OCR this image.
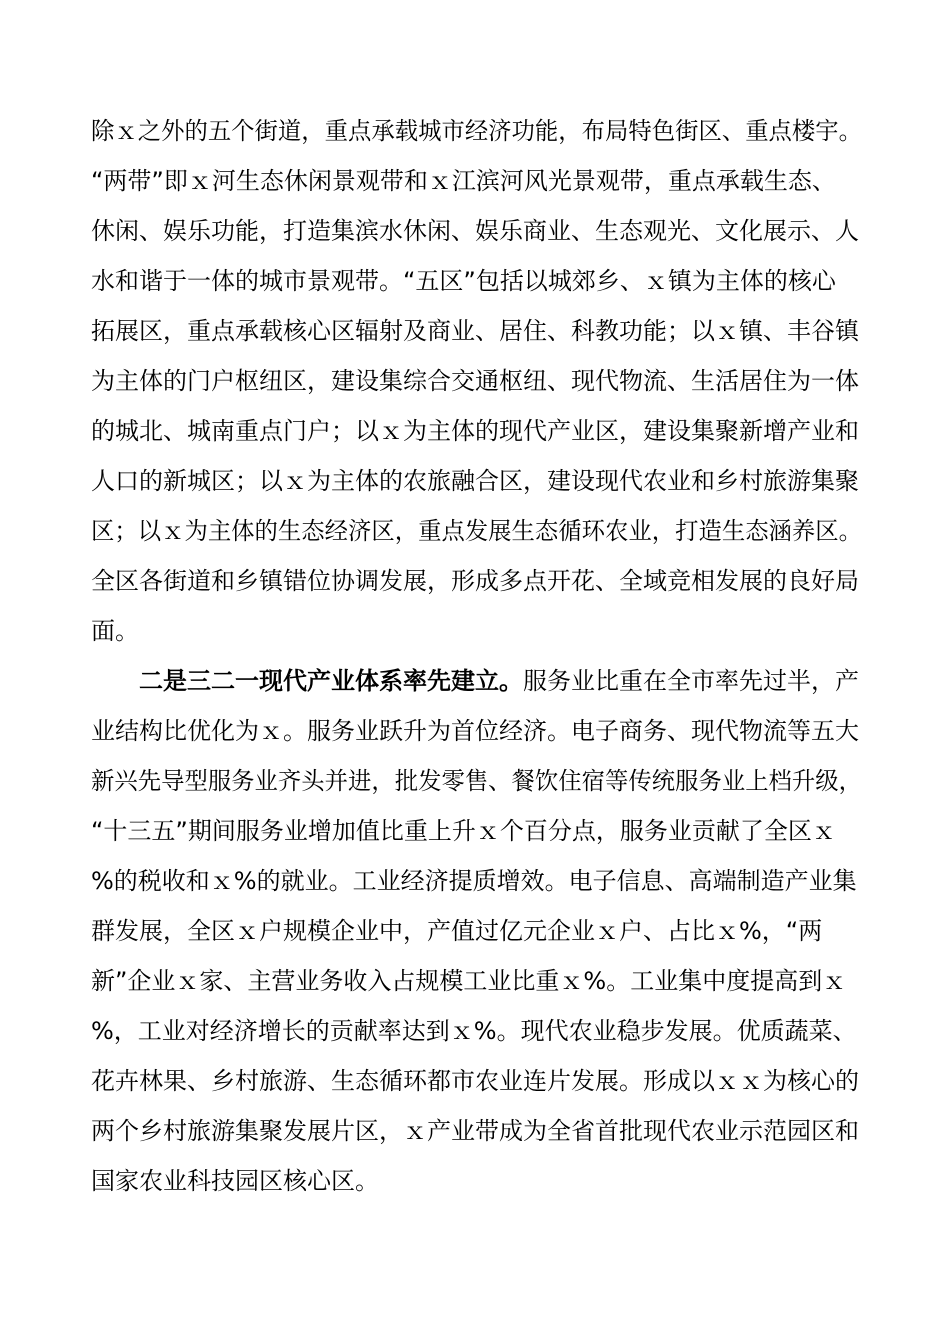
除ｘ之外的五个街道，重点承载城市经济功能，布局特色街区、重点楼宇。
“两带”即ｘ河生态休闲景观带和ｘ江滨河风光景观带，重点承载生态、
休闲、娱乐功能，打造集滨水休闲、娱乐商业、生态观光、文化展示、人
水和谐于一体的城市景观带。“五区”包括以城郊乡、ｘ镇为主体的核心
拓展区，重点承载核心区辐射及商业、居住、科教功能；以ｘ镇、丰谷镇
为主体的门户枢纽区，建设集综合交通枢纽、现代物流、生活居住为一体
的城北、城南重点门户；以ｘ为主体的现代产业区，建设集聚新增产业和
人口的新城区；以ｘ为主体的农旅融合区，建设现代农业和乡村旅游集聚
区；以ｘ为主体的生态经济区，重点发展生态循环农业，打造生态涵养区。
全区各街道和乡镇错位协调发展，形成多点开花、全域竞相发展的良好局
面。
二是三二一现代产业体系率先建立。服务业比重在全市率先过半，产
业结构比优化为ｘ。服务业跃升为首位经济。电子商务、现代物流等五大
新兴先导型服务业齐头并进，批发零售、餐饮住宿等传统服务业上档升级，
“十三五”期间服务业增加值比重上升ｘ个百分点，服务业贡献了全区ｘ
%的税收和ｘ%的就业。工业经济提质增效。电子信息、高端制造产业集
群发展，全区ｘ户规模企业中，产值过亿元企业ｘ户、占比ｘ%，“两
新”企业ｘ家、主营业务收入占规模工业比重ｘ%。工业集中度提高到ｘ
%，工业对经济增长的贡献率达到ｘ%。现代农业稳步发展。优质蔬菜、
花卉林果、乡村旅游、生态循环都市农业连片发展。形成以ｘｘ为核心的
两个乡村旅游集聚发展片区，ｘ产业带成为全省首批现代农业示范园区和
国家农业科技园区核心区。
